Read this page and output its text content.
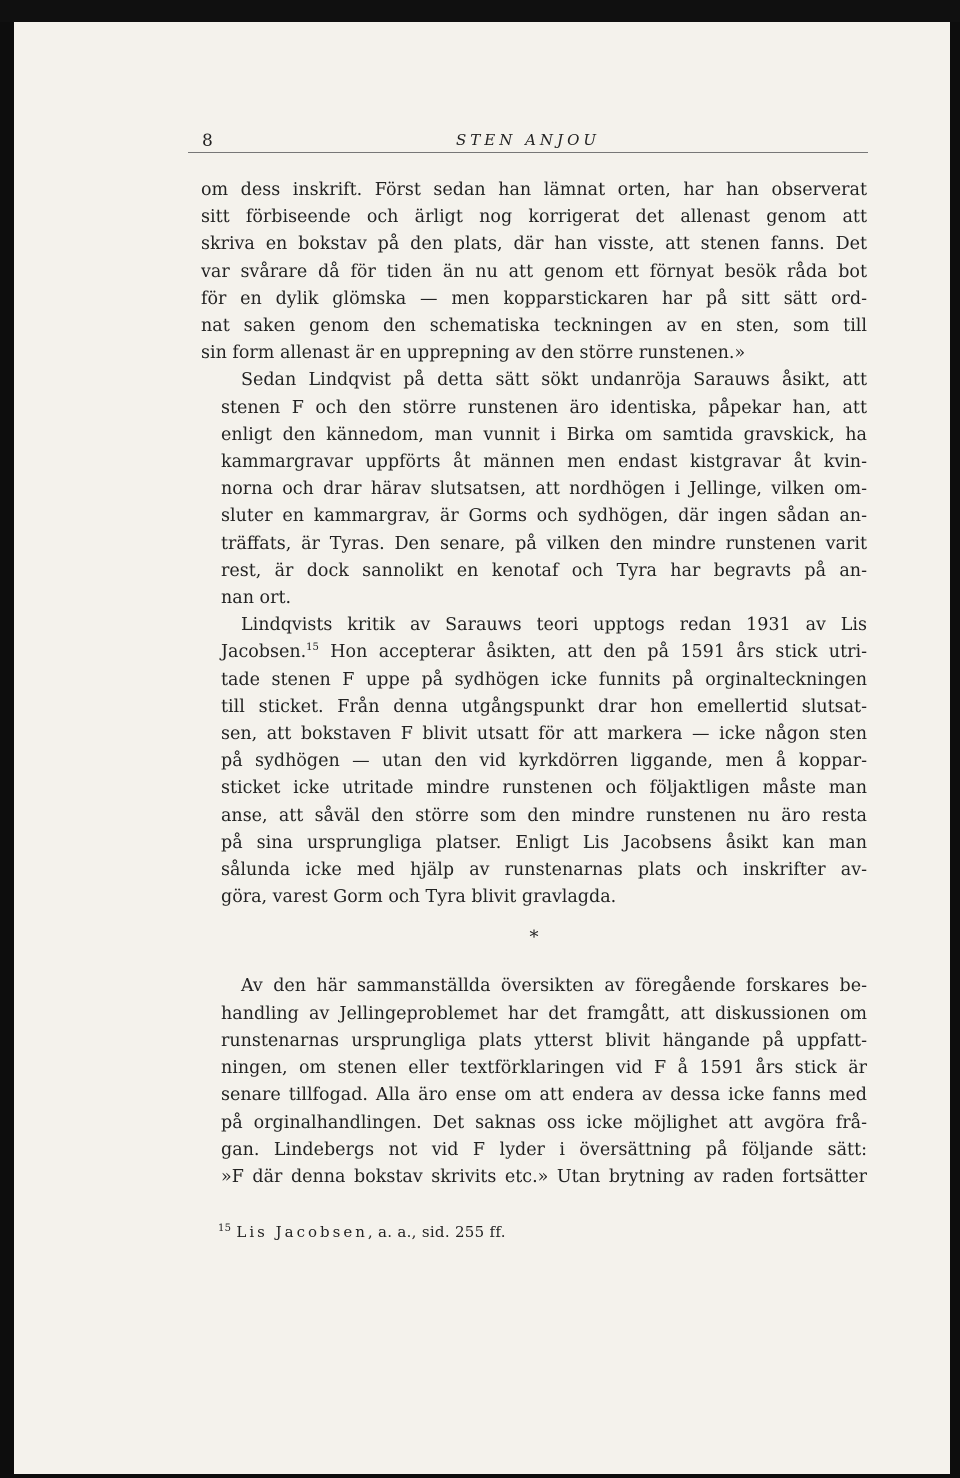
8	STEN ANJOU
om dess inskrift. Först sedan han lämnat orten, har han observerat
sitt förbiseende och ärligt nog korrigerat det allenast genom att
skriva en bokstav på den plats, där han visste, att stenen fanns. Det
var svårare då för tiden än nu att genom ett förnyat besök råda bot
för en dylik glömska — men kopparstickaren har på sitt sätt ord-
nat saken genom den schematiska teckningen av en sten, som till
sin form allenast är en upprepning av den större runstenen.»
Sedan Lindqvist på detta sätt sökt undanröja Sarauws åsikt, att
stenen F och den större runstenen äro identiska, påpekar han, att
enligt den kännedom, man vunnit i Birka om samtida gravskick, ha
kammargravar uppförts åt männen men endast kistgravar åt kvin-
norna och drar härav slutsatsen, att nordhögen i Jellinge, vilken om-
sluter en kammargrav, är Gorms och sydhögen, där ingen sådan an-
träffats, är Tyras. Den senare, på vilken den mindre runstenen varit
rest, är dock sannolikt en kenotaf och Tyra har begravts på an-
nan ort.
Lindqvists kritik av Sarauws teori upptogs redan 1931 av Lis
Jacobsen.$^{15}$ Hon accepterar åsikten, att den på 1591 års stick utri-
tade stenen F uppe på sydhögen icke funnits på orginalteckningen
till sticket. Från denna utgångspunkt drar hon emellertid slutsat-
sen, att bokstaven F blivit utsatt för att markera — icke någon sten
på sydhögen — utan den vid kyrkdörren liggande, men å koppar-
sticket icke utritade mindre runstenen och följaktligen måste man
anse, att såväl den större som den mindre runstenen nu äro resta
på sina ursprungliga platser. Enligt Lis Jacobsens åsikt kan man
sålunda icke med hjälp av runstenarnas plats och inskrifter av-
göra, varest Gorm och Tyra blivit gravlagda.
*
Av den här sammanställda översikten av föregående forskares be-
handling av Jellingeproblemet har det framgått, att diskussionen om
runstenarnas ursprungliga plats ytterst blivit hängande på uppfatt-
ningen, om stenen eller textförklaringen vid F å 1591 års stick är
senare tillfogad. Alla äro ense om att endera av dessa icke fanns med
på orginalhandlingen. Det saknas oss icke möjlighet att avgöra frå-
gan. Lindebergs not vid F lyder i översättning på följande sätt:
»F där denna bokstav skrivits etc.» Utan brytning av raden fortsätter
$^{15}$ Lis Jacobsen, a. a., sid. 255 ff.
